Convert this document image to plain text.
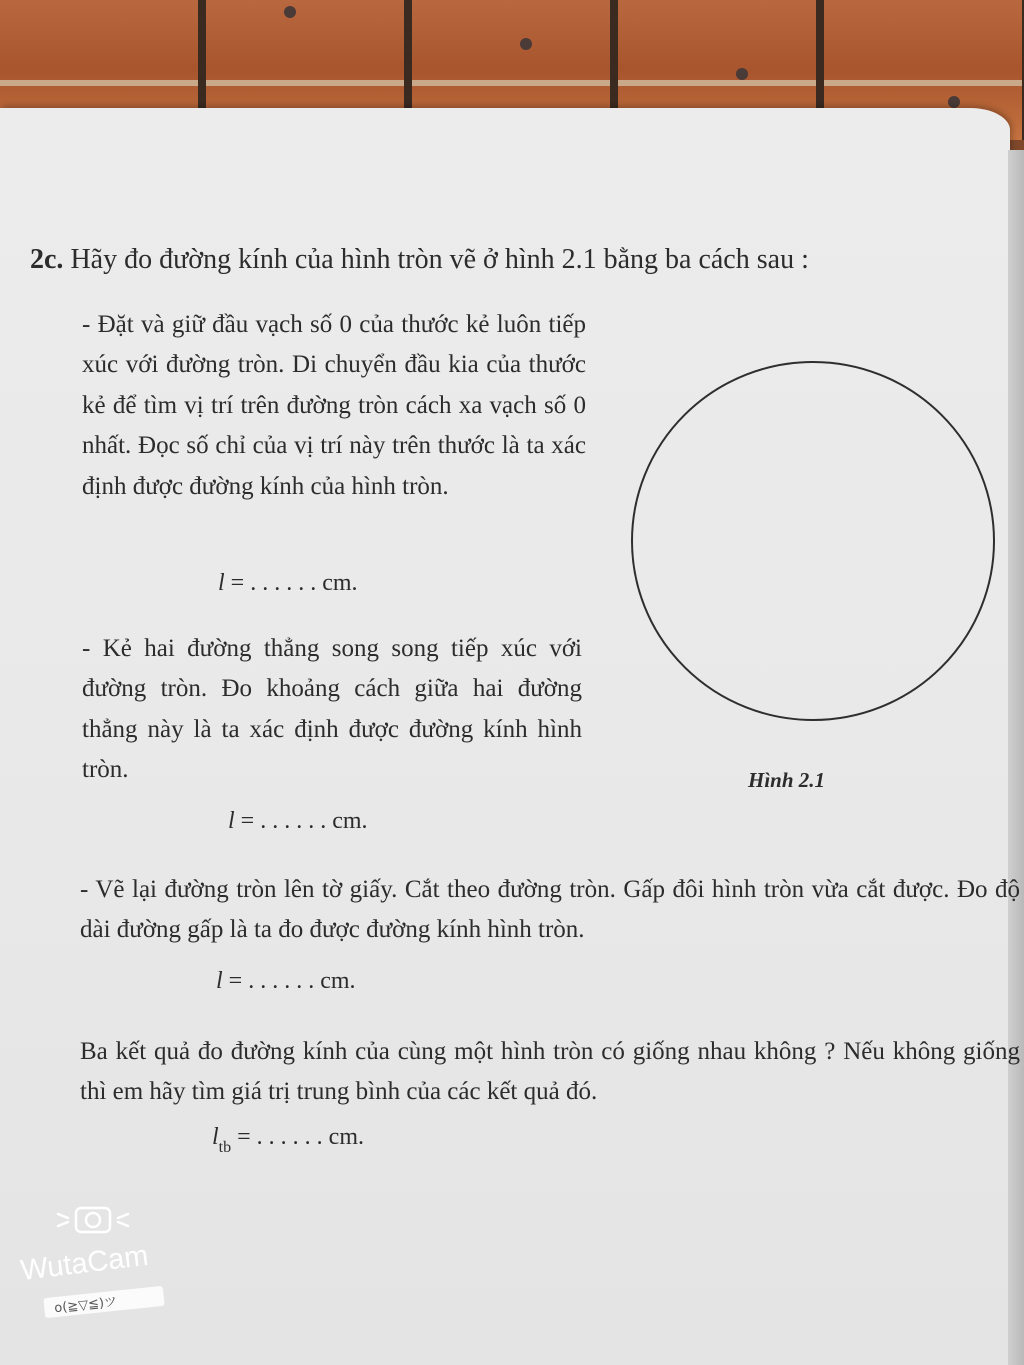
2c. Hãy đo đường kính của hình tròn vẽ ở hình 2.1 bằng ba cách sau :
- Đặt và giữ đầu vạch số 0 của thước kẻ luôn tiếp xúc với đường tròn. Di chuyển đầu kia của thước kẻ để tìm vị trí trên đường tròn cách xa vạch số 0 nhất. Đọc số chỉ của vị trí này trên thước là ta xác định được đường kính của hình tròn.
l = . . . . . . cm.
- Kẻ hai đường thẳng song song tiếp xúc với đường tròn. Đo khoảng cách giữa hai đường thẳng này là ta xác định được đường kính hình tròn.
l = . . . . . . cm.
- Vẽ lại đường tròn lên tờ giấy. Cắt theo đường tròn. Gấp đôi hình tròn vừa cắt được. Đo độ dài đường gấp là ta đo được đường kính hình tròn.
l = . . . . . . cm.
Ba kết quả đo đường kính của cùng một hình tròn có giống nhau không ? Nếu không giống thì em hãy tìm giá trị trung bình của các kết quả đó.
$l_{tb}$ = . . . . . . cm.
Hình 2.1
WutaCam
o(≧▽≦)ツ
